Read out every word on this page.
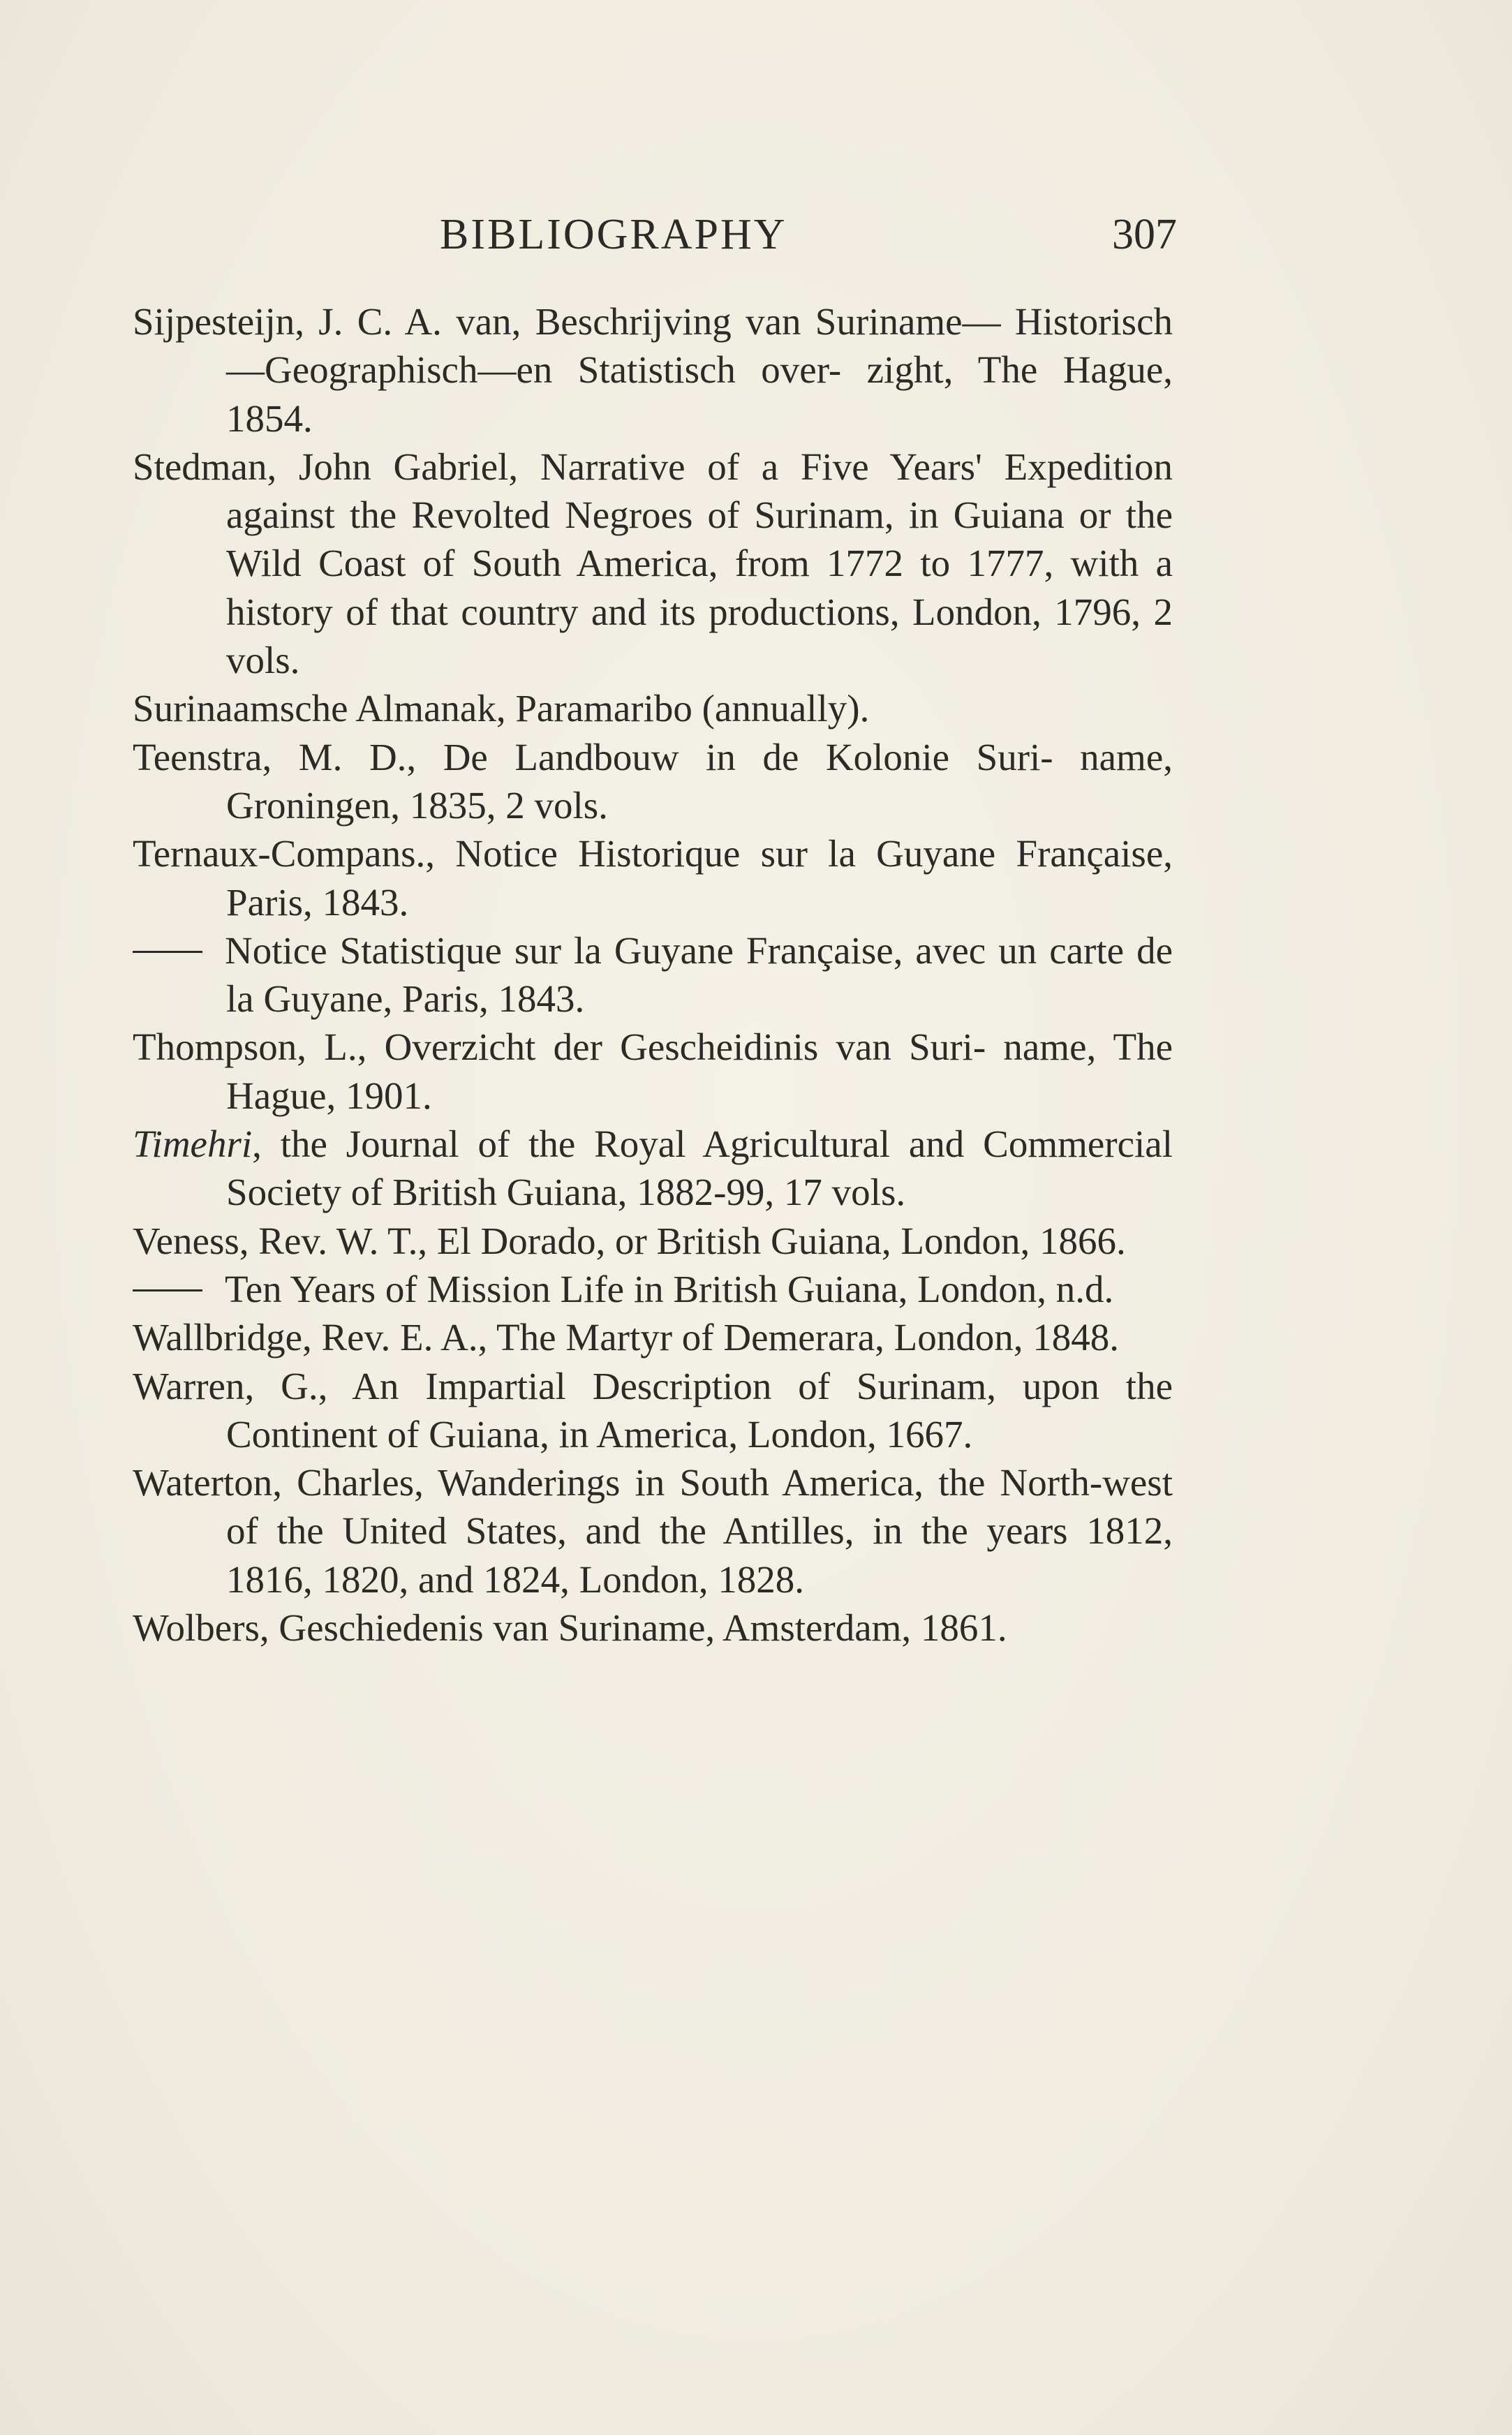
BIBLIOGRAPHY	307

Sijpesteijn, J. C. A. van, Beschrijving van Suriname— Historisch—Geographisch—en Statistisch over- zight, The Hague, 1854.

Stedman, John Gabriel, Narrative of a Five Years' Expedition against the Revolted Negroes of Surinam, in Guiana or the Wild Coast of South America, from 1772 to 1777, with a history of that country and its productions, London, 1796, 2 vols.

Surinaamsche Almanak, Paramaribo (annually).

Teenstra, M. D., De Landbouw in de Kolonie Suri- name, Groningen, 1835, 2 vols.

Ternaux-Compans., Notice Historique sur la Guyane Française, Paris, 1843.

Notice Statistique sur la Guyane Française, avec un carte de la Guyane, Paris, 1843.

Thompson, L., Overzicht der Gescheidinis van Suri- name, The Hague, 1901.

Timehri, the Journal of the Royal Agricultural and Commercial Society of British Guiana, 1882-99, 17 vols.

Veness, Rev. W. T., El Dorado, or British Guiana, London, 1866.

Ten Years of Mission Life in British Guiana, London, n.d.

Wallbridge, Rev. E. A., The Martyr of Demerara, London, 1848.

Warren, G., An Impartial Description of Surinam, upon the Continent of Guiana, in America, London, 1667.

Waterton, Charles, Wanderings in South America, the North-west of the United States, and the Antilles, in the years 1812, 1816, 1820, and 1824, London, 1828.

Wolbers, Geschiedenis van Suriname, Amsterdam, 1861.
